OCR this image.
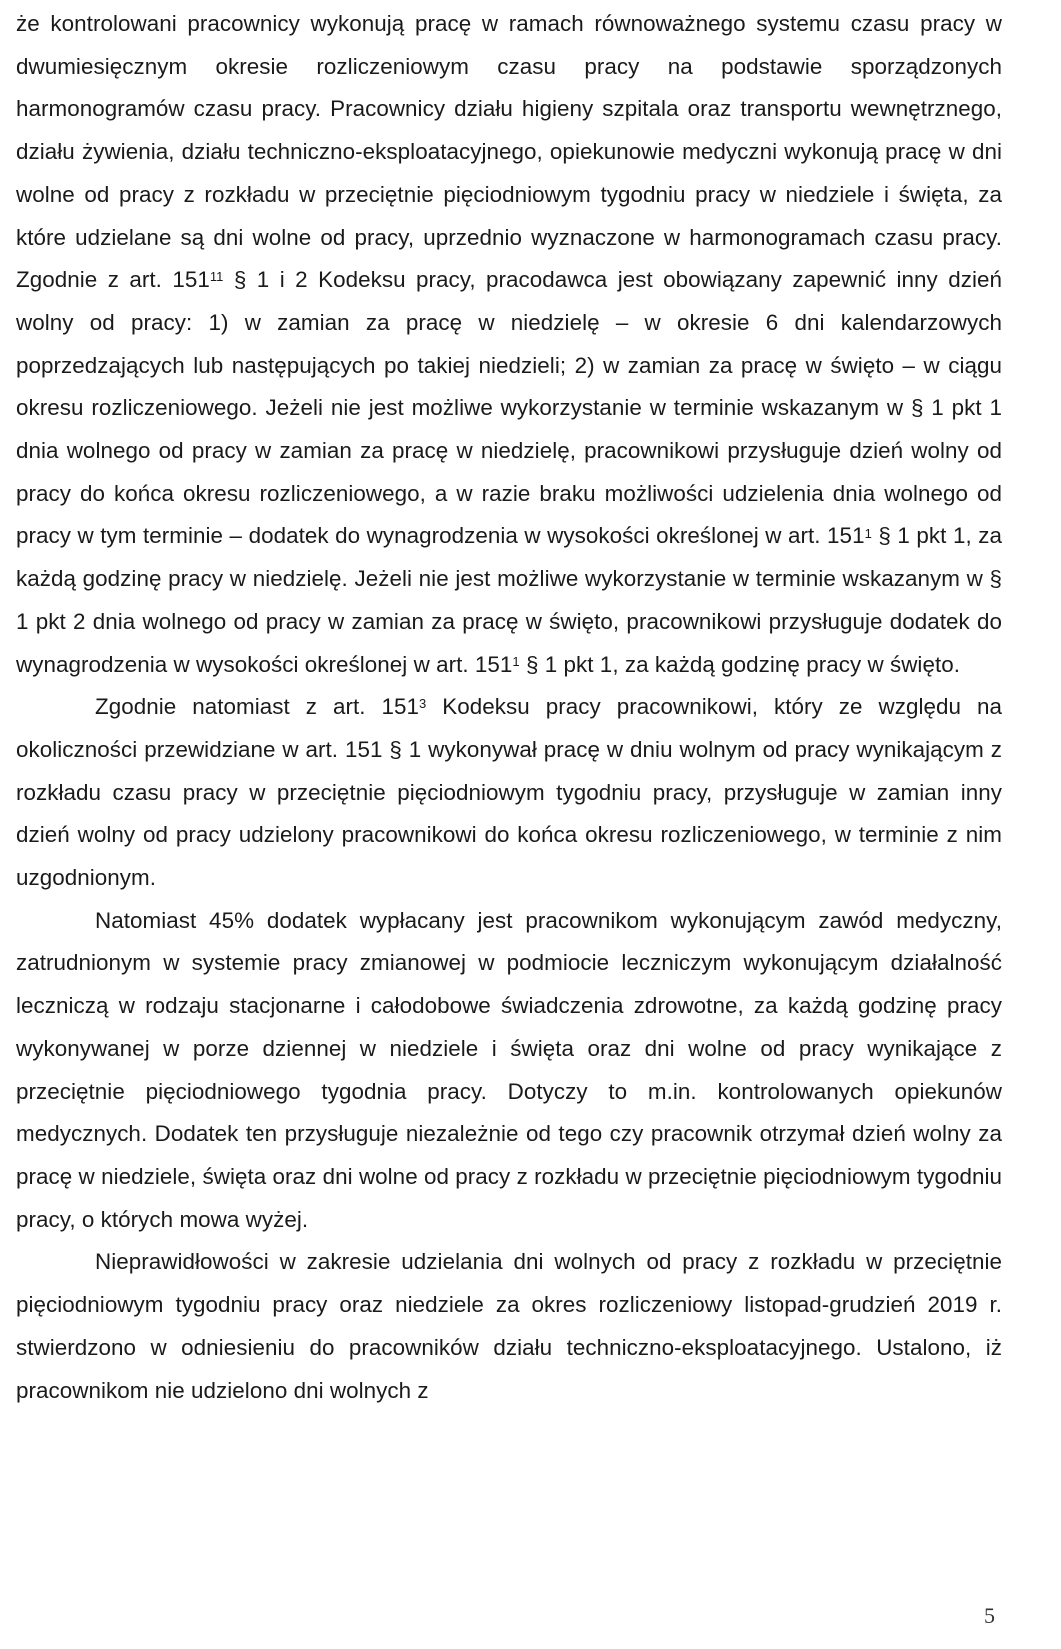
że kontrolowani pracownicy wykonują pracę w ramach równoważnego systemu czasu pracy w dwumiesięcznym okresie rozliczeniowym czasu pracy na podstawie sporządzonych harmonogramów czasu pracy. Pracownicy działu higieny szpitala oraz transportu wewnętrznego, działu żywienia, działu techniczno-eksploatacyjnego, opiekunowie medyczni wykonują pracę w dni wolne od pracy z rozkładu w przeciętnie pięciodniowym tygodniu pracy w niedziele i święta, za które udzielane są dni wolne od pracy, uprzednio wyznaczone w harmonogramach czasu pracy. Zgodnie z art. $151^{11}$ § 1 i 2 Kodeksu pracy, pracodawca jest obowiązany zapewnić inny dzień wolny od pracy: 1) w zamian za pracę w niedzielę – w okresie 6 dni kalendarzowych poprzedzających lub następujących po takiej niedzieli; 2) w zamian za pracę w święto – w ciągu okresu rozliczeniowego. Jeżeli nie jest możliwe wykorzystanie w terminie wskazanym w § 1 pkt 1 dnia wolnego od pracy w zamian za pracę w niedzielę, pracownikowi przysługuje dzień wolny od pracy do końca okresu rozliczeniowego, a w razie braku możliwości udzielenia dnia wolnego od pracy w tym terminie – dodatek do wynagrodzenia w wysokości określonej w art. $151^1$ § 1 pkt 1, za każdą godzinę pracy w niedzielę. Jeżeli nie jest możliwe wykorzystanie w terminie wskazanym w § 1 pkt 2 dnia wolnego od pracy w zamian za pracę w święto, pracownikowi przysługuje dodatek do wynagrodzenia w wysokości określonej w art. $151^1$ § 1 pkt 1, za każdą godzinę pracy w święto.

Zgodnie natomiast z art. $151^3$ Kodeksu pracy pracownikowi, który ze względu na okoliczności przewidziane w art. 151 § 1 wykonywał pracę w dniu wolnym od pracy wynikającym z rozkładu czasu pracy w przeciętnie pięciodniowym tygodniu pracy, przysługuje w zamian inny dzień wolny od pracy udzielony pracownikowi do końca okresu rozliczeniowego, w terminie z nim uzgodnionym.

Natomiast 45% dodatek wypłacany jest pracownikom wykonującym zawód medyczny, zatrudnionym w systemie pracy zmianowej w podmiocie leczniczym wykonującym działalność leczniczą w rodzaju stacjonarne i całodobowe świadczenia zdrowotne, za każdą godzinę pracy wykonywanej w porze dziennej w niedziele i święta oraz dni wolne od pracy wynikające z przeciętnie pięciodniowego tygodnia pracy. Dotyczy to m.in. kontrolowanych opiekunów medycznych. Dodatek ten przysługuje niezależnie od tego czy pracownik otrzymał dzień wolny za pracę w niedziele, święta oraz dni wolne od pracy z rozkładu w przeciętnie pięciodniowym tygodniu pracy, o których mowa wyżej.

Nieprawidłowości w zakresie udzielania dni wolnych od pracy z rozkładu w przeciętnie pięciodniowym tygodniu pracy oraz niedziele za okres rozliczeniowy listopad-grudzień 2019 r. stwierdzono w odniesieniu do pracowników działu techniczno-eksploatacyjnego. Ustalono, iż pracownikom nie udzielono dni wolnych z

5
